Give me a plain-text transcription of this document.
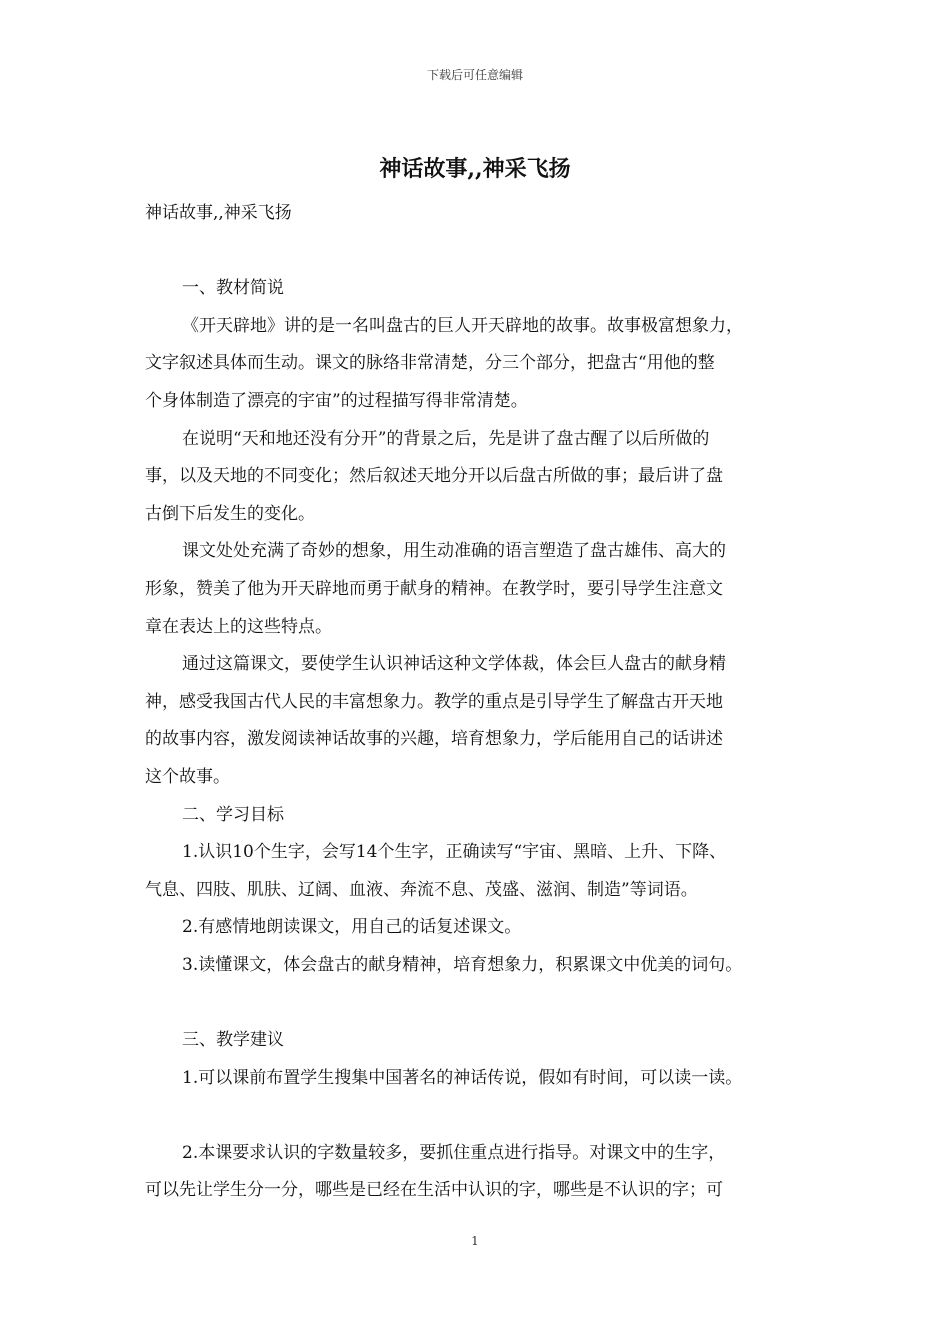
下载后可任意编辑
神话故事,,神采飞扬
神话故事,,神采飞扬
一、教材简说
《开天辟地》讲的是一名叫盘古的巨人开天辟地的故事。故事极富想象力，
文字叙述具体而生动。课文的脉络非常清楚，分三个部分，把盘古“用他的整
个身体制造了漂亮的宇宙”的过程描写得非常清楚。
在说明“天和地还没有分开”的背景之后，先是讲了盘古醒了以后所做的
事，以及天地的不同变化；然后叙述天地分开以后盘古所做的事；最后讲了盘
古倒下后发生的变化。
课文处处充满了奇妙的想象，用生动准确的语言塑造了盘古雄伟、高大的
形象，赞美了他为开天辟地而勇于献身的精神。在教学时，要引导学生注意文
章在表达上的这些特点。
通过这篇课文，要使学生认识神话这种文学体裁，体会巨人盘古的献身精
神，感受我国古代人民的丰富想象力。教学的重点是引导学生了解盘古开天地
的故事内容，激发阅读神话故事的兴趣，培育想象力，学后能用自己的话讲述
这个故事。
二、学习目标
1.认识10个生字，会写14个生字，正确读写“宇宙、黑暗、上升、下降、
气息、四肢、肌肤、辽阔、血液、奔流不息、茂盛、滋润、制造”等词语。
2.有感情地朗读课文，用自己的话复述课文。
3.读懂课文，体会盘古的献身精神，培育想象力，积累课文中优美的词句。
三、教学建议
1.可以课前布置学生搜集中国著名的神话传说，假如有时间，可以读一读。
2.本课要求认识的字数量较多，要抓住重点进行指导。对课文中的生字，
可以先让学生分一分，哪些是已经在生活中认识的字，哪些是不认识的字；可
1
